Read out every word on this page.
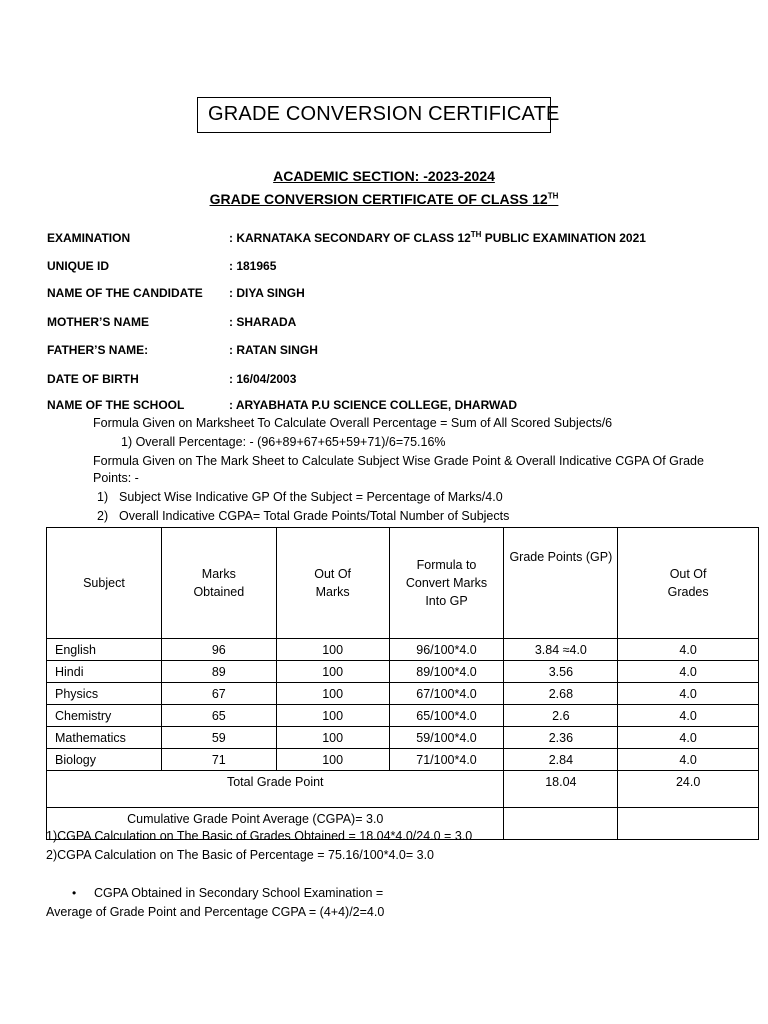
GRADE CONVERSION CERTIFICATE
ACADEMIC SECTION: -2023-2024
GRADE CONVERSION CERTIFICATE OF CLASS 12TH
EXAMINATION	: KARNATAKA SECONDARY OF CLASS 12TH PUBLIC EXAMINATION 2021
UNIQUE ID	: 181965
NAME OF THE CANDIDATE : DIYA SINGH
MOTHER’S NAME	: SHARADA
FATHER’S NAME:	: RATAN SINGH
DATE OF BIRTH	: 16/04/2003
NAME OF THE SCHOOL	: ARYABHATA P.U SCIENCE COLLEGE, DHARWAD
Formula Given on Marksheet To Calculate Overall Percentage = Sum of All Scored Subjects/6
1) Overall Percentage: - (96+89+67+65+59+71)/6=75.16%
Formula Given on The Mark Sheet to Calculate Subject Wise Grade Point & Overall Indicative CGPA Of Grade
Points: -
1) Subject Wise Indicative GP Of the Subject = Percentage of Marks/4.0
2) Overall Indicative CGPA= Total Grade Points/Total Number of Subjects
Subject	Marks Obtained	Out Of Marks	Formula to Convert Marks Into GP	Grade Points (GP)	Out Of Grades
English	96	100	96/100*4.0	3.84 ≈4.0	4.0
Hindi	89	100	89/100*4.0	3.56	4.0
Physics	67	100	67/100*4.0	2.68	4.0
Chemistry	65	100	65/100*4.0	2.6	4.0
Mathematics	59	100	59/100*4.0	2.36	4.0
Biology	71	100	71/100*4.0	2.84	4.0
Total Grade Point				18.04	24.0
Cumulative Grade Point Average (CGPA)= 3.0					
1)CGPA Calculation on The Basic of Grades Obtained = 18.04*4.0/24.0 = 3.0
2)CGPA Calculation on The Basic of Percentage = 75.16/100*4.0= 3.0
• CGPA Obtained in Secondary School Examination =
Average of Grade Point and Percentage CGPA = (4+4)/2=4.0
